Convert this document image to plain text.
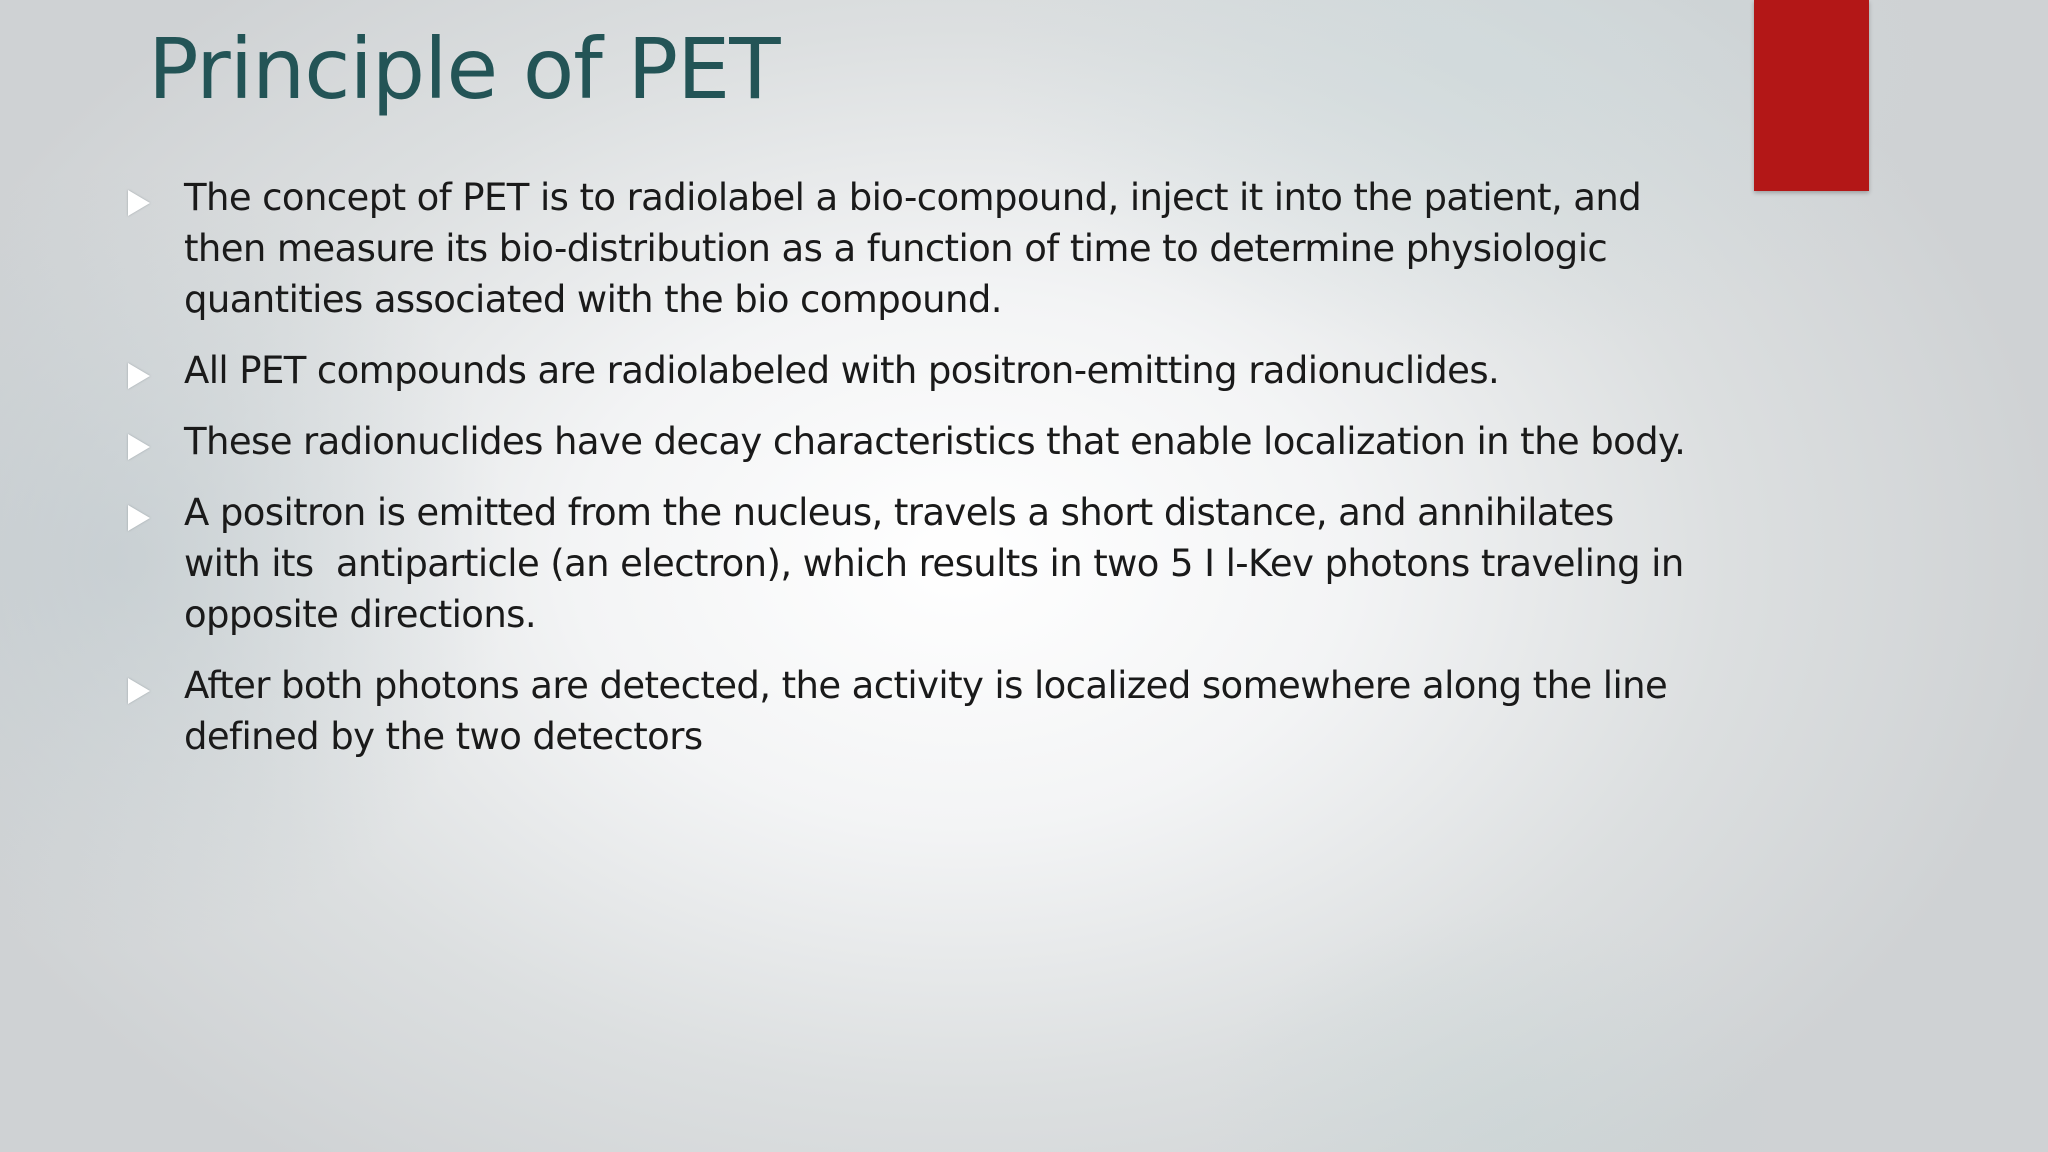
Principle of PET
The concept of PET is to radiolabel a bio-compound, inject it into the patient, and then measure its bio-distribution as a function of time to determine physiologic quantities associated with the bio compound.
All PET compounds are radiolabeled with positron-emitting radionuclides.
These radionuclides have decay characteristics that enable localization in the body.
A positron is emitted from the nucleus, travels a short distance, and annihilates with its  antiparticle (an electron), which results in two 5 I l-Kev photons traveling in opposite directions.
After both photons are detected, the activity is localized somewhere along the line defined by the two detectors
